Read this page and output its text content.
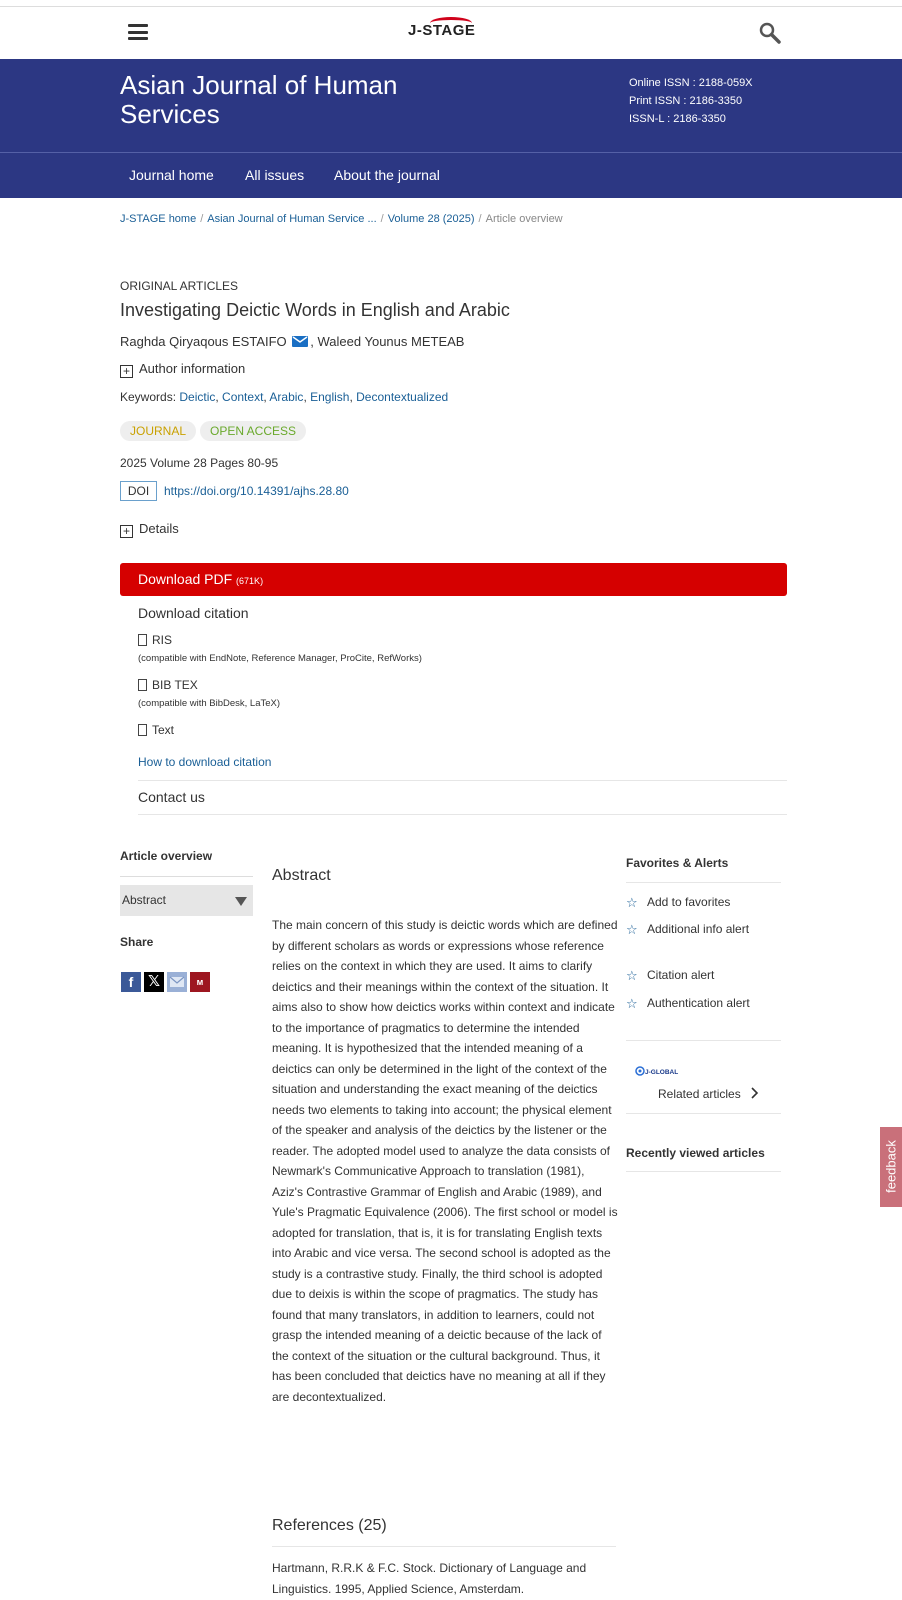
J-STAGE
Asian Journal of Human Services
Online ISSN : 2188-059X
Print ISSN : 2186-3350
ISSN-L : 2186-3350
Journal home All issues About the journal
J-STAGE home / Asian Journal of Human Service ... / Volume 28 (2025) / Article overview
ORIGINAL ARTICLES
Investigating Deictic Words in English and Arabic
Raghda Qiryaqous ESTAIFO , Waleed Younus METEAB
+ Author information
Keywords: Deictic, Context, Arabic, English, Decontextualized
JOURNAL	OPEN ACCESS
2025 Volume 28 Pages 80-95
DOI	https://doi.org/10.14391/ajhs.28.80
+ Details
Download PDF (671K)
Download citation
RIS
(compatible with EndNote, Reference Manager, ProCite, RefWorks)
BIB TEX
(compatible with BibDesk, LaTeX)
Text
How to download citation
Contact us
Article overview
Abstract
Share
f 𝕏	ᴍ
Abstract
The main concern of this study is deictic words which are defined by different scholars as words or expressions whose reference relies on the context in which they are used. It aims to clarify deictics and their meanings within the context of the situation. It aims also to show how deictics works within context and indicate to the importance of pragmatics to determine the intended meaning. It is hypothesized that the intended meaning of a deictics can only be determined in the light of the context of the situation and understanding the exact meaning of the deictics needs two elements to taking into account; the physical element of the speaker and analysis of the deictics by the listener or the reader. The adopted model used to analyze the data consists of Newmark's Communicative Approach to translation (1981), Aziz's Contrastive Grammar of English and Arabic (1989), and Yule's Pragmatic Equivalence (2006). The first school or model is adopted for translation, that is, it is for translating English texts into Arabic and vice versa. The second school is adopted as the study is a contrastive study. Finally, the third school is adopted due to deixis is within the scope of pragmatics. The study has found that many translators, in addition to learners, could not grasp the intended meaning of a deictic because of the lack of the context of the situation or the cultural background. Thus, it has been concluded that deictics have no meaning at all if they are decontextualized.
References (25)
Hartmann, R.R.K & F.C. Stock. Dictionary of Language and Linguistics. 1995, Applied Science, Amsterdam.
Favorites & Alerts
☆ Add to favorites
☆ Additional info alert
☆ Citation alert
☆ Authentication alert
J-GLOBAL
Related articles
Recently viewed articles	feedback
